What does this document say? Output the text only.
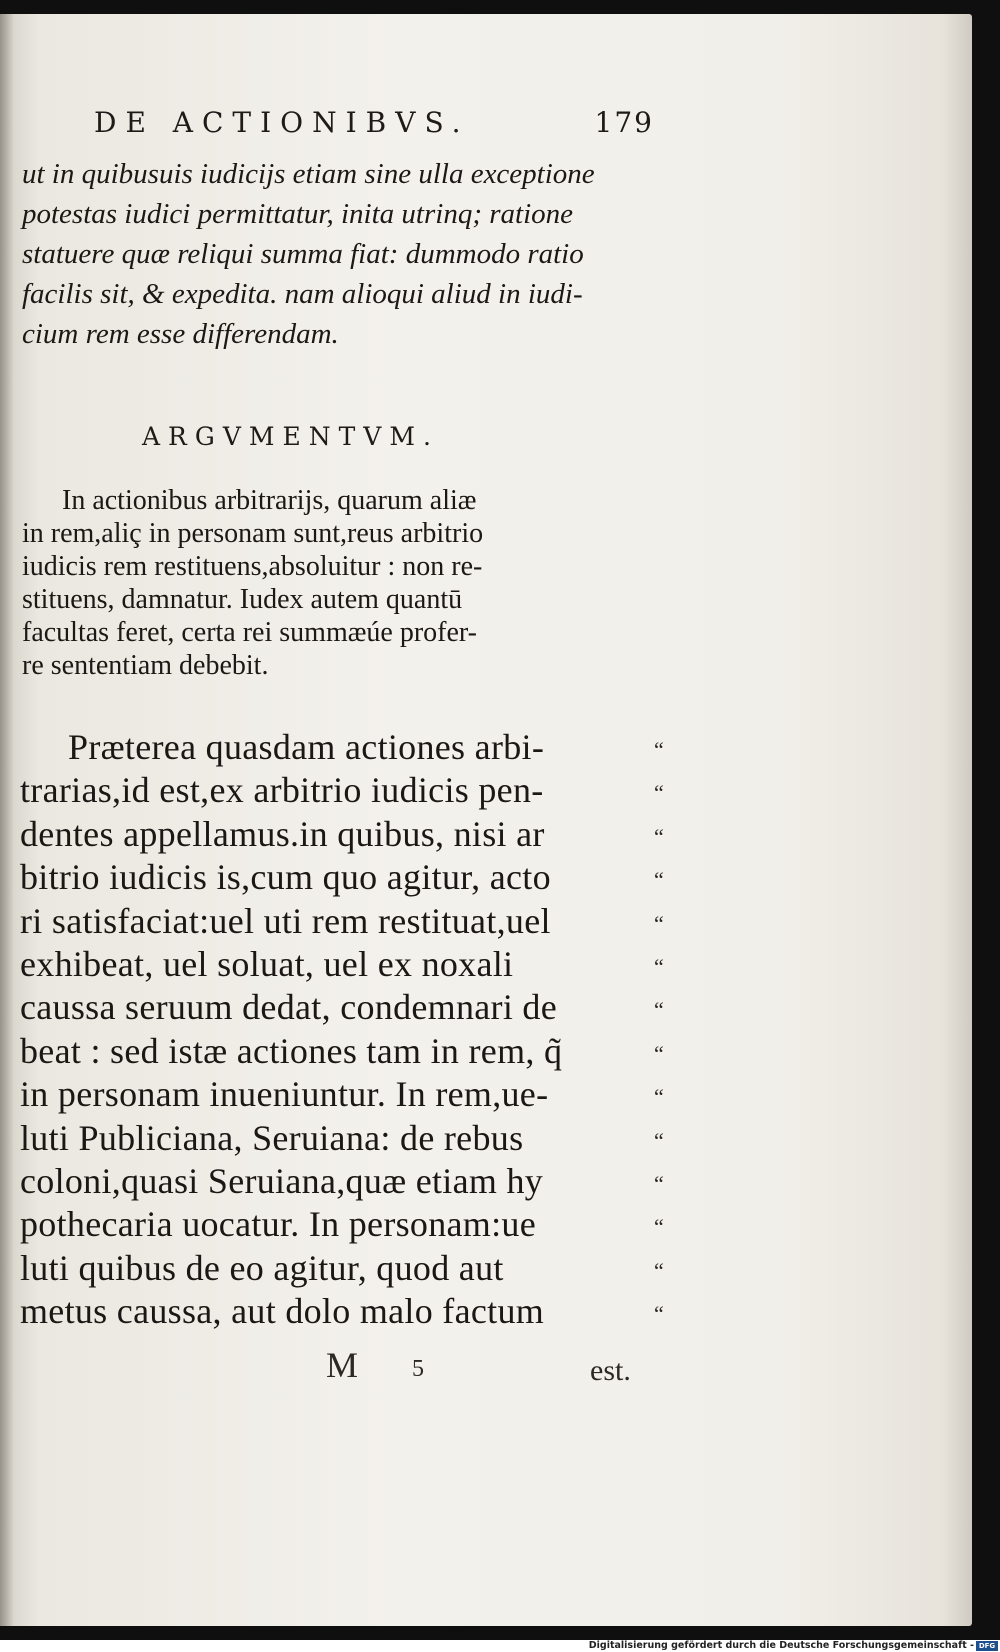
DE ACTIONIBVS.	179
ut in quibusuis iudicijs etiam sine ulla exceptione
potestas iudici permittatur, inita utrinq; ratione
statuere quæ reliqui summa fiat: dummodo ratio
facilis sit, & expedita. nam alioqui aliud in iudi-
cium rem esse differendam.
ARGVMENTVM.
In actionibus arbitrarijs, quarum aliæ
in rem,aliç in personam sunt,reus arbitrio
iudicis rem restituens,absoluitur : non re-
stituens, damnatur. Iudex autem quantū
facultas feret, certa rei summæúe profer-
re sententiam debebit.
Præterea quasdam actiones arbi-
trarias,id est,ex arbitrio iudicis pen-
dentes appellamus.in quibus, nisi ar
bitrio iudicis is,cum quo agitur, acto
ri satisfaciat:uel uti rem restituat,uel
exhibeat, uel soluat, uel ex noxali
caussa seruum dedat, condemnari de
beat : sed istæ actiones tam in rem, q̃
in personam inueniuntur. In rem,ue-
luti Publiciana, Seruiana: de rebus
coloni,quasi Seruiana,quæ etiam hy
pothecaria uocatur. In personam:ue
luti quibus de eo agitur, quod aut
metus caussa, aut dolo malo factum
“
“
“
“
“
“
“
“
“
“
“
“
“
“
M 5	est.
Digitalisierung gefördert durch die Deutsche Forschungsgemeinschaft - DFG
